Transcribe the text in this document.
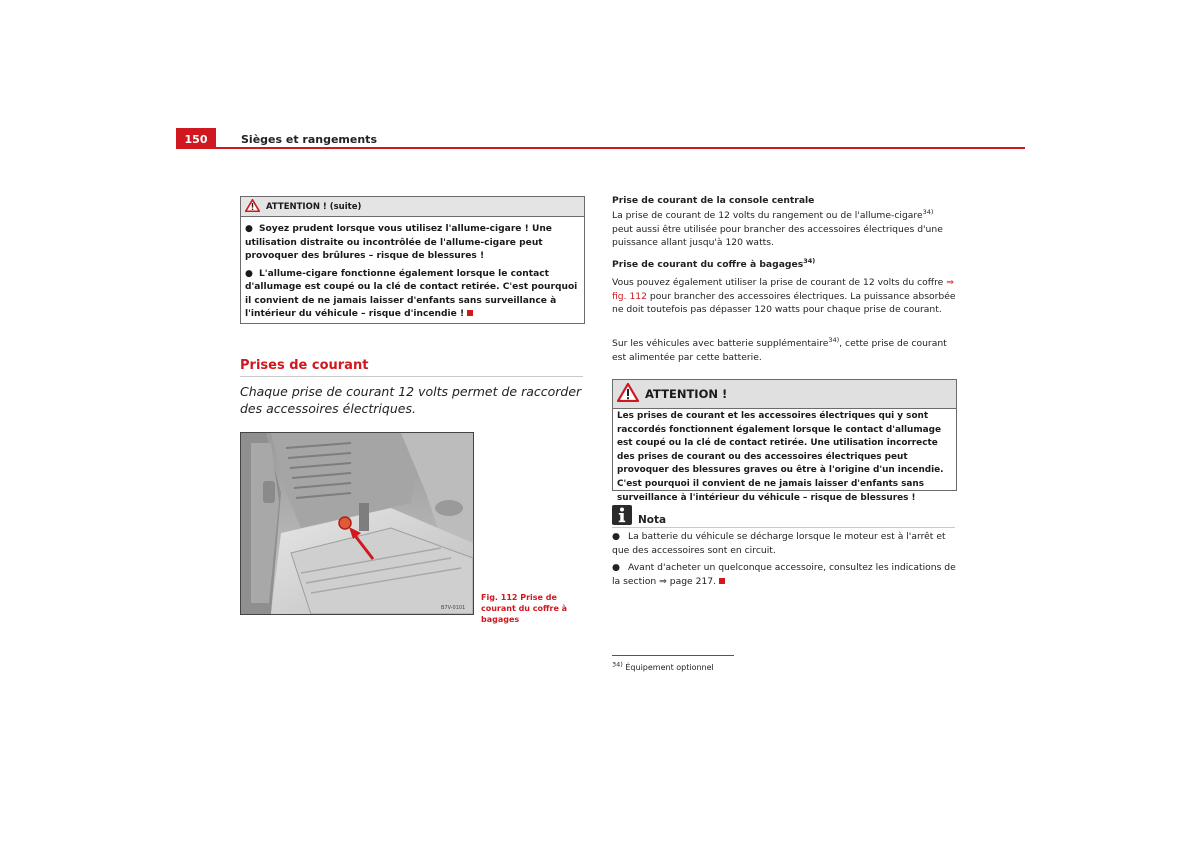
150	Sièges et rangements
ATTENTION ! (suite)
● Soyez prudent lorsque vous utilisez l'allume-cigare ! Une utilisation distraite ou incontrôlée de l'allume-cigare peut provoquer des brûlures – risque de blessures !
● L'allume-cigare fonctionne également lorsque le contact d'allumage est coupé ou la clé de contact retirée. C'est pourquoi il convient de ne jamais laisser d'enfants sans surveillance à l'intérieur du véhicule – risque d'incendie !
Prises de courant
Chaque prise de courant 12 volts permet de raccorder des accessoires électriques.
B7V-0101
Fig. 112 Prise de courant du coffre à bagages
Prise de courant de la console centrale
La prise de courant de 12 volts du rangement ou de l'allume-cigare$^{34)}$ peut aussi être utilisée pour brancher des accessoires électriques d'une puissance allant jusqu'à 120 watts.
Prise de courant du coffre à bagages$^{34)}$
Vous pouvez également utiliser la prise de courant de 12 volts du coffre ⇒ fig. 112 pour brancher des accessoires électriques. La puissance absorbée ne doit toutefois pas dépasser 120 watts pour chaque prise de courant.
Sur les véhicules avec batterie supplémentaire$^{34)}$, cette prise de courant est alimentée par cette batterie.
ATTENTION !
Les prises de courant et les accessoires électriques qui y sont raccordés fonctionnent également lorsque le contact d'allumage est coupé ou la clé de contact retirée. Une utilisation incorrecte des prises de courant ou des accessoires électriques peut provoquer des blessures graves ou être à l'origine d'un incendie. C'est pourquoi il convient de ne jamais laisser d'enfants sans surveillance à l'intérieur du véhicule – risque de blessures !
Nota
● La batterie du véhicule se décharge lorsque le moteur est à l'arrêt et que des accessoires sont en circuit.
● Avant d'acheter un quelconque accessoire, consultez les indications de la section ⇒ page 217.
$^{34)}$ Équipement optionnel
